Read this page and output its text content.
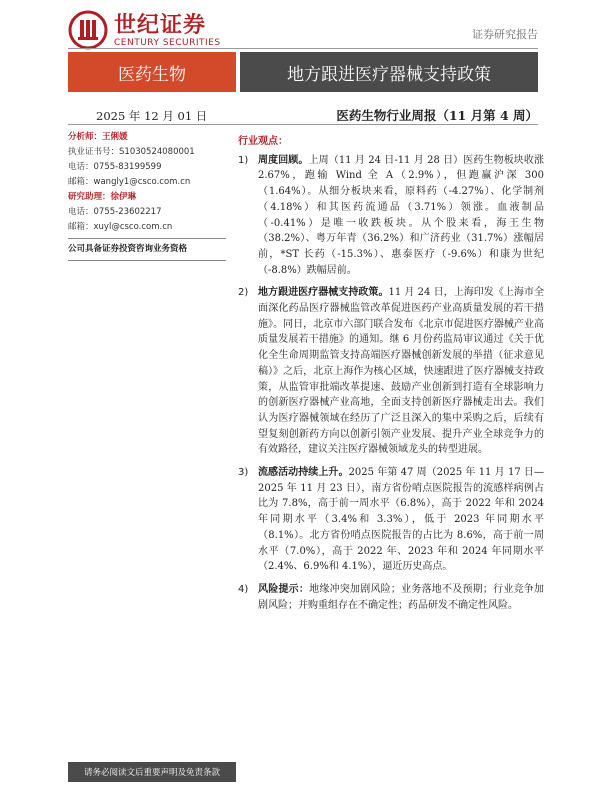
世纪证券
CENTURY SECURITIES
证券研究报告
医药生物	地方跟进医疗器械支持政策
2025 年 12 月 01 日	医药生物行业周报（11 月第 4 周）
分析师：王俐媛
执业证书号：S1030524080001
电话：0755-83199599
邮箱：wangly1@csco.com.cn
研究助理：徐伊琳
电话：0755-23602217
邮箱：xuyl@csco.com.cn
公司具备证券投资咨询业务资格
行业观点：
1) 周度回顾。上周（11 月 24 日-11 月 28 日）医药生物板块收涨 2.67%，跑输 Wind 全 A（2.9%），但跑赢沪深 300（1.64%）。从细分板块来看，原料药（-4.27%）、化学制剂（4.18%）和其医药流通品（3.71%）领涨。血液制品（-0.41%）是唯一收跌板块。从个股来看，海王生物（38.2%）、粤万年青（36.2%）和广济药业（31.7%）涨幅居前，*ST 长药（-15.3%）、惠泰医疗（-9.6%）和康为世纪（-8.8%）跌幅居前。
2) 地方跟进医疗器械支持政策。11 月 24 日，上海印发《上海市全面深化药品医疗器械监管改革促进医药产业高质量发展的若干措施》。同日，北京市六部门联合发布《北京市促进医疗器械产业高质量发展若干措施》的通知。继 6 月份药监局审议通过《关于优化全生命周期监管支持高端医疗器械创新发展的举措（征求意见稿）》之后，北京上海作为核心区域，快速跟进了医疗器械支持政策，从监管审批端改革提速、鼓励产业创新到打造有全球影响力的创新医疗器械产业高地，全面支持创新医疗器械走出去。我们认为医疗器械领域在经历了广泛且深入的集中采购之后，后续有望复刻创新药方向以创新引领产业发展、提升产业全球竞争力的有效路径，建议关注医疗器械领域龙头的转型进展。
3) 流感活动持续上升。2025 年第 47 周（2025 年 11 月 17 日—2025 年 11 月 23 日），南方省份哨点医院报告的流感样病例占比为 7.8%，高于前一周水平（6.8%），高于 2022 年和 2024 年同期水平（3.4%和 3.3%），低于 2023 年同期水平（8.1%）。北方省份哨点医院报告的占比为 8.6%，高于前一周水平（7.0%），高于 2022 年、2023 年和 2024 年同期水平（2.4%、6.9%和 4.1%），逼近历史高点。
4) 风险提示：地缘冲突加剧风险；业务落地不及预期；行业竞争加剧风险；并购重组存在不确定性；药品研发不确定性风险。
请务必阅读文后重要声明及免责条款
